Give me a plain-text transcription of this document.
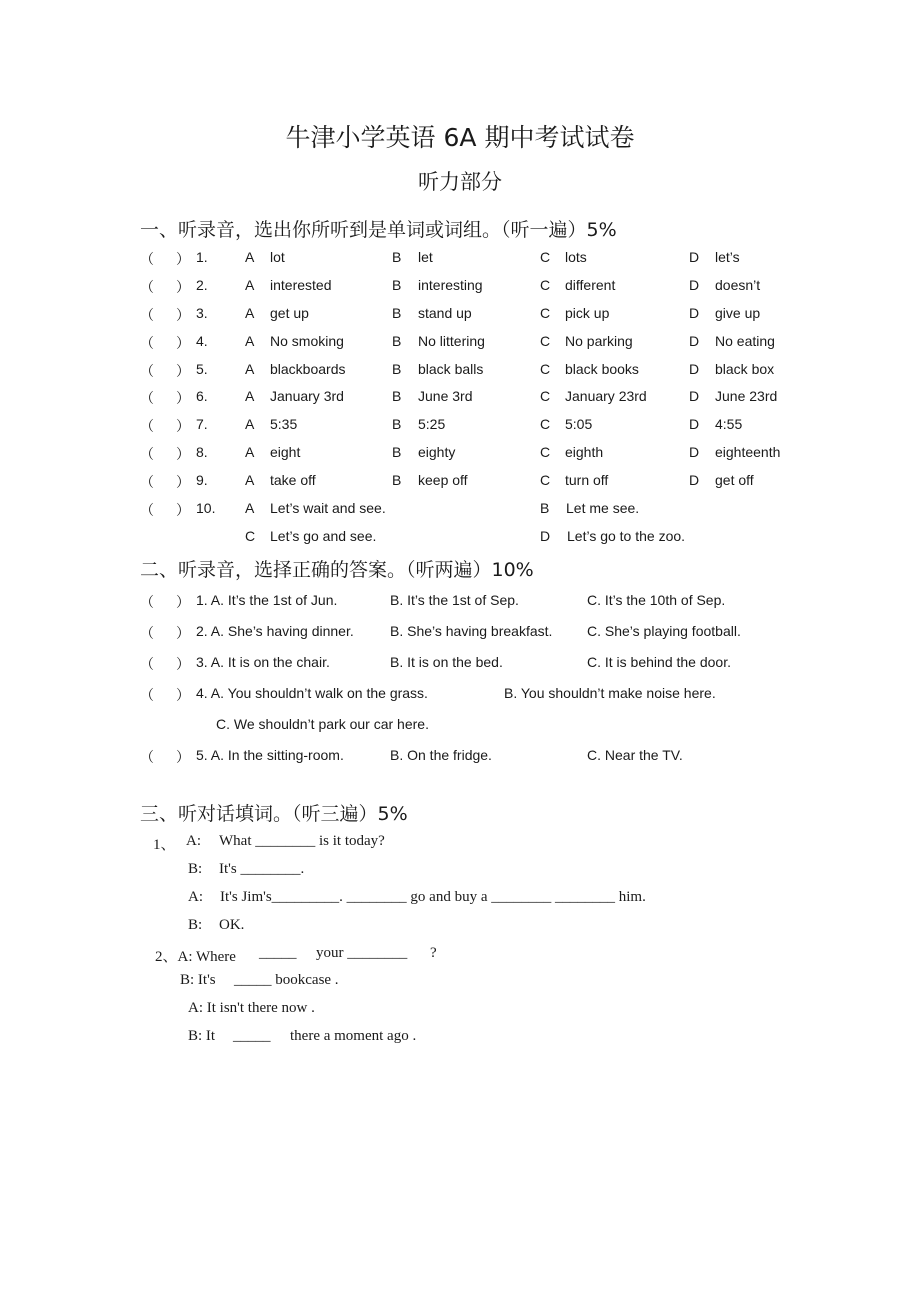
牛津小学英语 6A 期中考试试卷
听力部分
一、听录音，选出你所听到是单词或词组。（听一遍）5%
（ ） 1.	A lot	B let	C lots	D let’s
（ ） 2.	A interested	B interesting	C different	D doesn’t
（ ） 3.	A get up	B stand up	C pick up	D give up
（ ） 4.	A No smoking	B No littering	C No parking	D No eating
（ ） 5.	A blackboards	B black balls	C black books	D black box
（ ） 6.	A January 3rd	B June 3rd	C January 23rd	D June 23rd
（ ） 7.	A 5:35	B 5:25	C 5:05	D 4:55
（ ） 8.	A eight	B eighty	C eighth	D eighteenth
（ ） 9.	A take off	B keep off	C turn off	D get off
（ ） 10. A Let’s wait and see.	B Let me see.
C Let’s go and see.	D Let’s go to the zoo.
二、听录音，选择正确的答案。（听两遍）10%
（ ） 1. A. It’s the 1st of Jun.	B. It’s the 1st of Sep.	C. It’s the 10th of Sep.
（ ） 2. A. She’s having dinner.	B. She’s having breakfast. C. She’s playing football.
（ ） 3. A. It is on the chair.	B. It is on the bed.	C. It is behind the door.
（ ） 4. A. You shouldn’t walk on the grass.	B. You shouldn’t make noise here.
C. We shouldn’t park our car here.
（ ） 5. A. In the sitting-room.	B. On the fridge.	C. Near the TV.
三、听对话填词。（听三遍）5%
1、 A: What ________ is it today?
B: It's ________.
A: It's Jim's_________. ________ go and buy a ________ ________ him.
B: OK.
2、A: Where _____ your ________ ?
B: It's _____ bookcase .
A: It isn't there now .
B: It _____ there a moment ago .
